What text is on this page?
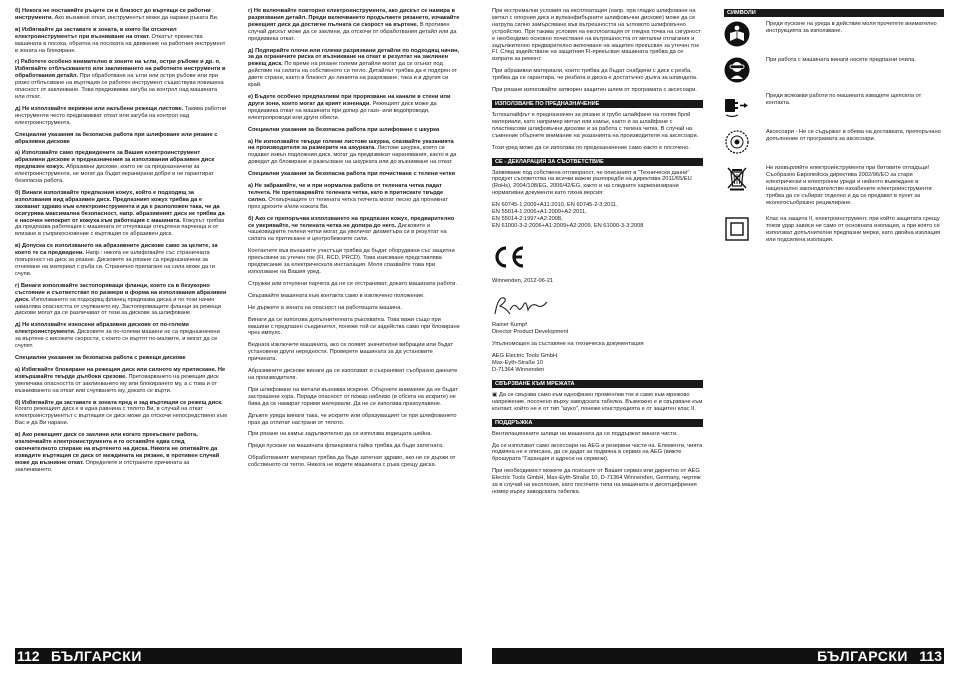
б) Никога не поставяйте ръцете си в близост до въртящи се работни инструменти. Ако възникне откат, инструментът може да нарани ръката Ви.

в) Избягвайте да заставате в зоната, в която би отскочил електроинструментът при възникване на откат. Откатът премества машината в посока, обратна на посоката на движение на работния инструмент в зоната на блокиране.

г) Работете особено внимателно в зоните на ъгли, остри ръбове и др. п. Избягвайте отблъскването или заклинването на работните инструменти в обработвания детайл. При обработване на ъгли или остри ръбове или при рязко отблъскване на въртящия се работен инструмент съществува повишена опасност от заклинване. Това предизвиква загуба на контрол над машината или откат.

д) Не използвайте верижни или назъбени режещи листове. Такива работни инструменти често предизвикват откат или загуба на контрол над електроинструмента.

Специални указания за безопасна работа при шлифоване или рязане с абразивни дискове

а) Използвайте само предвидените за Вашия електроинструмент абразивни дискове и предназначения за използвания абразивен диск предпазен кожух. Абразивни дискове, които не са предназначени за електроинструмента, не могат да бъдат екранирани добре и не гарантират безопасна работа.

б) Винаги използвайте предпазния кожух, който е подходящ за използвания вид абразивен диск. Предпазният кожух трябва да е захванат здраво към електроинструмента и да е разположен така, че да осигурява максимална безопасност, напр. абразивният диск не трябва да е насочен непокрит от кожуха към работещия с машината. Кожухът трябва да предпазва работещия с машината от отчупващи откъртени парченца и от влизане в съприкосновение с въртящия се абразивен диск.

в) Допуска се използването на абразивните дискове само за целите, за които те са предвидени. Напр.: никога не шлифовайте със страничната повърхност на диск за рязане. Дисковете за рязане са предназначени за отнемане на материал с ръба си. Странично прилагане на сила може да ги счупи.

г) Винаги използвайте застопоряващи фланци, които са в безукорно състояние и съответстват по размери и форма на използвания абразивен диск. Използването на подходящ фланец предпазва диска и по този начин намалява опасността от счупването му. Застопоряващите фланци за режещи дискове могат да се различават от тези за дискове за шлифоване.

д) Не използвайте износени абразивни дискове от по-големи електроинструменти. Дисковете за по-големи машини не са предназначени за въртене с високите скорости, с които се въртят по-малките, и могат да се счупят.

Специални указания за безопасна работа с режещи дискове

а) Избягвайте блокиране на режещия диск или силното му притискане. Не извършвайте твърде дълбоки срезове. Претоварването на режещия диск увеличава опасността от заклинването му или блокирането му, а с това и от възникването на откат или счупването му, докато се върти.

б) Избягвайте да заставате в зоната пред и зад въртящия се режещ диск. Когато режещият диск е в една равнина с тялото Ви, в случай на откат електроинструментът с въртящия се диск може да отскочи непосредствено към Вас и да Ви нарани.

в) Ако режещият диск се заклини или когато прекъсвате работа, изключвайте електроинструмента и го оставяйте едва след окончателното спиране на въртенето на диска. Никога не опитвайте да извадите въртящия се диск от междината на рязане, в противен случай може да възникне откат. Определете и отстранете причината за заклинването.

г) Не включвайте повторно електроинструмента, ако дискът се намира в разрязвания детайл. Преди включването продължете рязането, изчакайте режещият диск да достигне пълната си скорост на въртене. В противен случай дискът може да се заклини, да отскочи от обработвания детайл или да предизвика откат.

д) Подпирайте плочи или големи разрязвани детайли по подходящ начин, за да ограничите риска от възникване на откат в резултат на заклинен режещ диск. По време на рязане големи детайли могат да се огънат под действие на силата на собственото си тегло. Детайлът трябва да е подпрян от двете страни, както в близост до линията на разрязване, така и в другия си край.

е) Бъдете особено предпазливи при прорязване на канали в стени или други зони, които могат да крият изненади. Режещият диск може да предизвика откат на машината при допир до газо- или водопроводи, електропроводи или други обекти.

Специални указания за безопасна работа при шлифоване с шкурка

а) Не използвайте твърде големи листове шкурка, спазвайте указанията на производителя за размерите на шкурката. Листове шкурка, които се подават извън подложния диск, могат да предизвикат наранявания, както и да доведат до блокиране и разкъсване на шкурката или до възникване на откат.

Специални указания за безопасна работа при почистване с телени четки

а) Не забравяйте, че и при нормална работа от телената четка падат телчета. Не претоварвайте телената четка, като я притискате твърде силно. Отхвърчащите от телената четка телчета могат лесно да проникнат през дрехите и/или кожата Ви.

б) Ако се препоръчва използването на предпазен кожух, предварително се уверявайте, че телената четка не допира до него. Дисковите и чашковидните телени четки могат да увеличат диаметъра си в резултат на силата на притискане и центробежните сили.

Контактите във външните участъци трябва да бъдат оборудвани със защитни прекъсвачи за утечен ток (FI, RCD, PRCD). Това изискване представлява предписание за електрическата инсталация. Моля спазвайте това при използване на Вашия уред.

Стружки или отчупени парчета да не се отстраняват, докато машината работи.

Свързвайте машината към контакта само в изключено положение.

Не държете в зоната на опасност на работещата машина.

Винаги да се използва допълнителната ръкохватка. Това важи също при машини с предпазен съединител, понеже той се задейства само при блокиране чрез импулс.

Веднага изключете машината, ако се появят значителни вибрации или бъдат установени други нередности. Проверете машината за да установите причината.

Абразивните дискове винаги да се използват и съхраняват съобразно данните на производителя.

При шлифоване на метали възниква искрене. Обърнете внимание да не бъдат застрашени хора. Поради опасност от пожар наблизо (в обсега на искрите) не бива да се намират горими материали. Да не се използва прахоулавяне.

Дръжте уреда винаги така, че искрите или образуващият се при шлифоването прах да отлитат настрани от тялото.

При рязане на камък задължително да се използва водещата шейна.

Преди пускане на машината фланцовата гайка трябва да бъде затегната.

Обработваният материал трябва да бъде затегнат здраво, ако не се държи от собственото си тегло. Никога не водете машината с ръка срещу диска.

При екстремални условия на експлоатация (напр. при гладко шлифоване на метал с опорния диск и вулканфибърните шлифовъчни дискове) може да се натрупа силно замърсяване във вътрешността на ъгловото шлифовъчно устройство. При такива условия на експлоатация от гледна точка на сигурност е необходимо основно почистване на вътрешността от метални отлагания и задължително предварително включване на защитен прекъсвач за утечен ток FI. След задействане на защитния FI-прекъсвач машината трябва да се изпрати за ремонт.

При абразивни материали, които трябва да бъдат снабдени с диск с резба, трябва да се гарантира, че резбата в диска е достатъчно дълга за шпиндела.

При рязане използвайте затворен защитен шлем от програмата с аксесоари.

ИЗПОЛЗВАНЕ ПО ПРЕДНАЗНАЧЕНИЕ

Ъглошлайфът е предназначен за рязане и грубо шлайфане на голям брой материали, като например метал или камък, както и за шлайфане с пластмасови шлифовъчни дискове и за работа с телена четка. В случай на съмнение обърнете внимание на указанията на производителя на аксесоари.

Този уред може да се използва по предназначение само както е посочено.

CE - ДЕКЛАРАЦИЯ ЗА СЪОТВЕТСТВИЕ

Заявяваме под собствена отговорност, че описаният в "Технически данни" продукт съответства на всички важни разпоредби на директива 2011/65/EU (RoHs), 2004/108/EG, 2006/42/EG, както и на следните хармонизирани нормативни документи като тяхна версия:

EN 60745-1:2009+A11:2010, EN 60745-2-3:2011,
EN 55014-1:2006+A1:2009+A2:2011,
EN 55014-2:1997+A2:2008,
EN 61000-3-2:2006+A1:2009+A2:2009, EN 61000-3-3:2008

Winnenden, 2012-06-21

Rainer Kumpf
Director Product Development

Упълномощен за съставяне на техническа документация

AEG Electric Tools GmbH
Max-Eyth-Straße 10
D-71364 Winnenden

СВЪРЗВАНЕ КЪМ МРЕЖАТА

▣ Да се свързва само към еднофазен променлив ток и само към мрежово напрежение, посочено върху заводската табелка. Възможно е и свързване към контакт, който не е от тип "шуко", понеже конструкцията е от защитен клас II.

ПОДДРЪЖКА

Вентилационните шлици на машината да се поддържат винаги чисти.

Да се използват само аксесоари на AEG и резервни части на. Елементи, чията подмяна не е описана, да се дадат за подмяна в сервиз на AEG (вижте брошурата "Гаранция и адреси на сервизи).

При необходимост можете да поискате от Вашия сервиз или директно от AEG Electric Tools GmbH, Max-Eyth-Straße 10, D-71364 Winnenden, Germany, чертеж за в случай на експлозия, като посочите типа на машината и десетцифрения номер върху заводската табелка.

СИМВОЛИ
Преди пускане на уреда в действие моля прочетете внимателно инструкцията за използване.
При работа с машината винаги носете предпазни очила.
Преди всякакви работи по машината извадете щепсела от контакта.
Аксесоари - Не се съдържат в обема на доставката, препоръчано допълнение от програмата за аксесоари.
Не изхвърляйте електроинструменти при битовите отпадъци! Съобразно Европейска директива 2002/96/ЕО за стари електрически и електронни уреди и нейното въвеждане в национално законодателство изхабените електроинструменти трябва да се събират отделно и да се предават в пункт за екологосъобразно рециклиране.
Клас на защита II, електроинструмент, при който защитата срещу токов удар зависи не само от основната изолация, а при която се използват допълнителни предпазни мерки, като двойна изолация или подсилена изолация.
112 БЪЛГАРСКИ	БЪЛГАРСКИ 113
